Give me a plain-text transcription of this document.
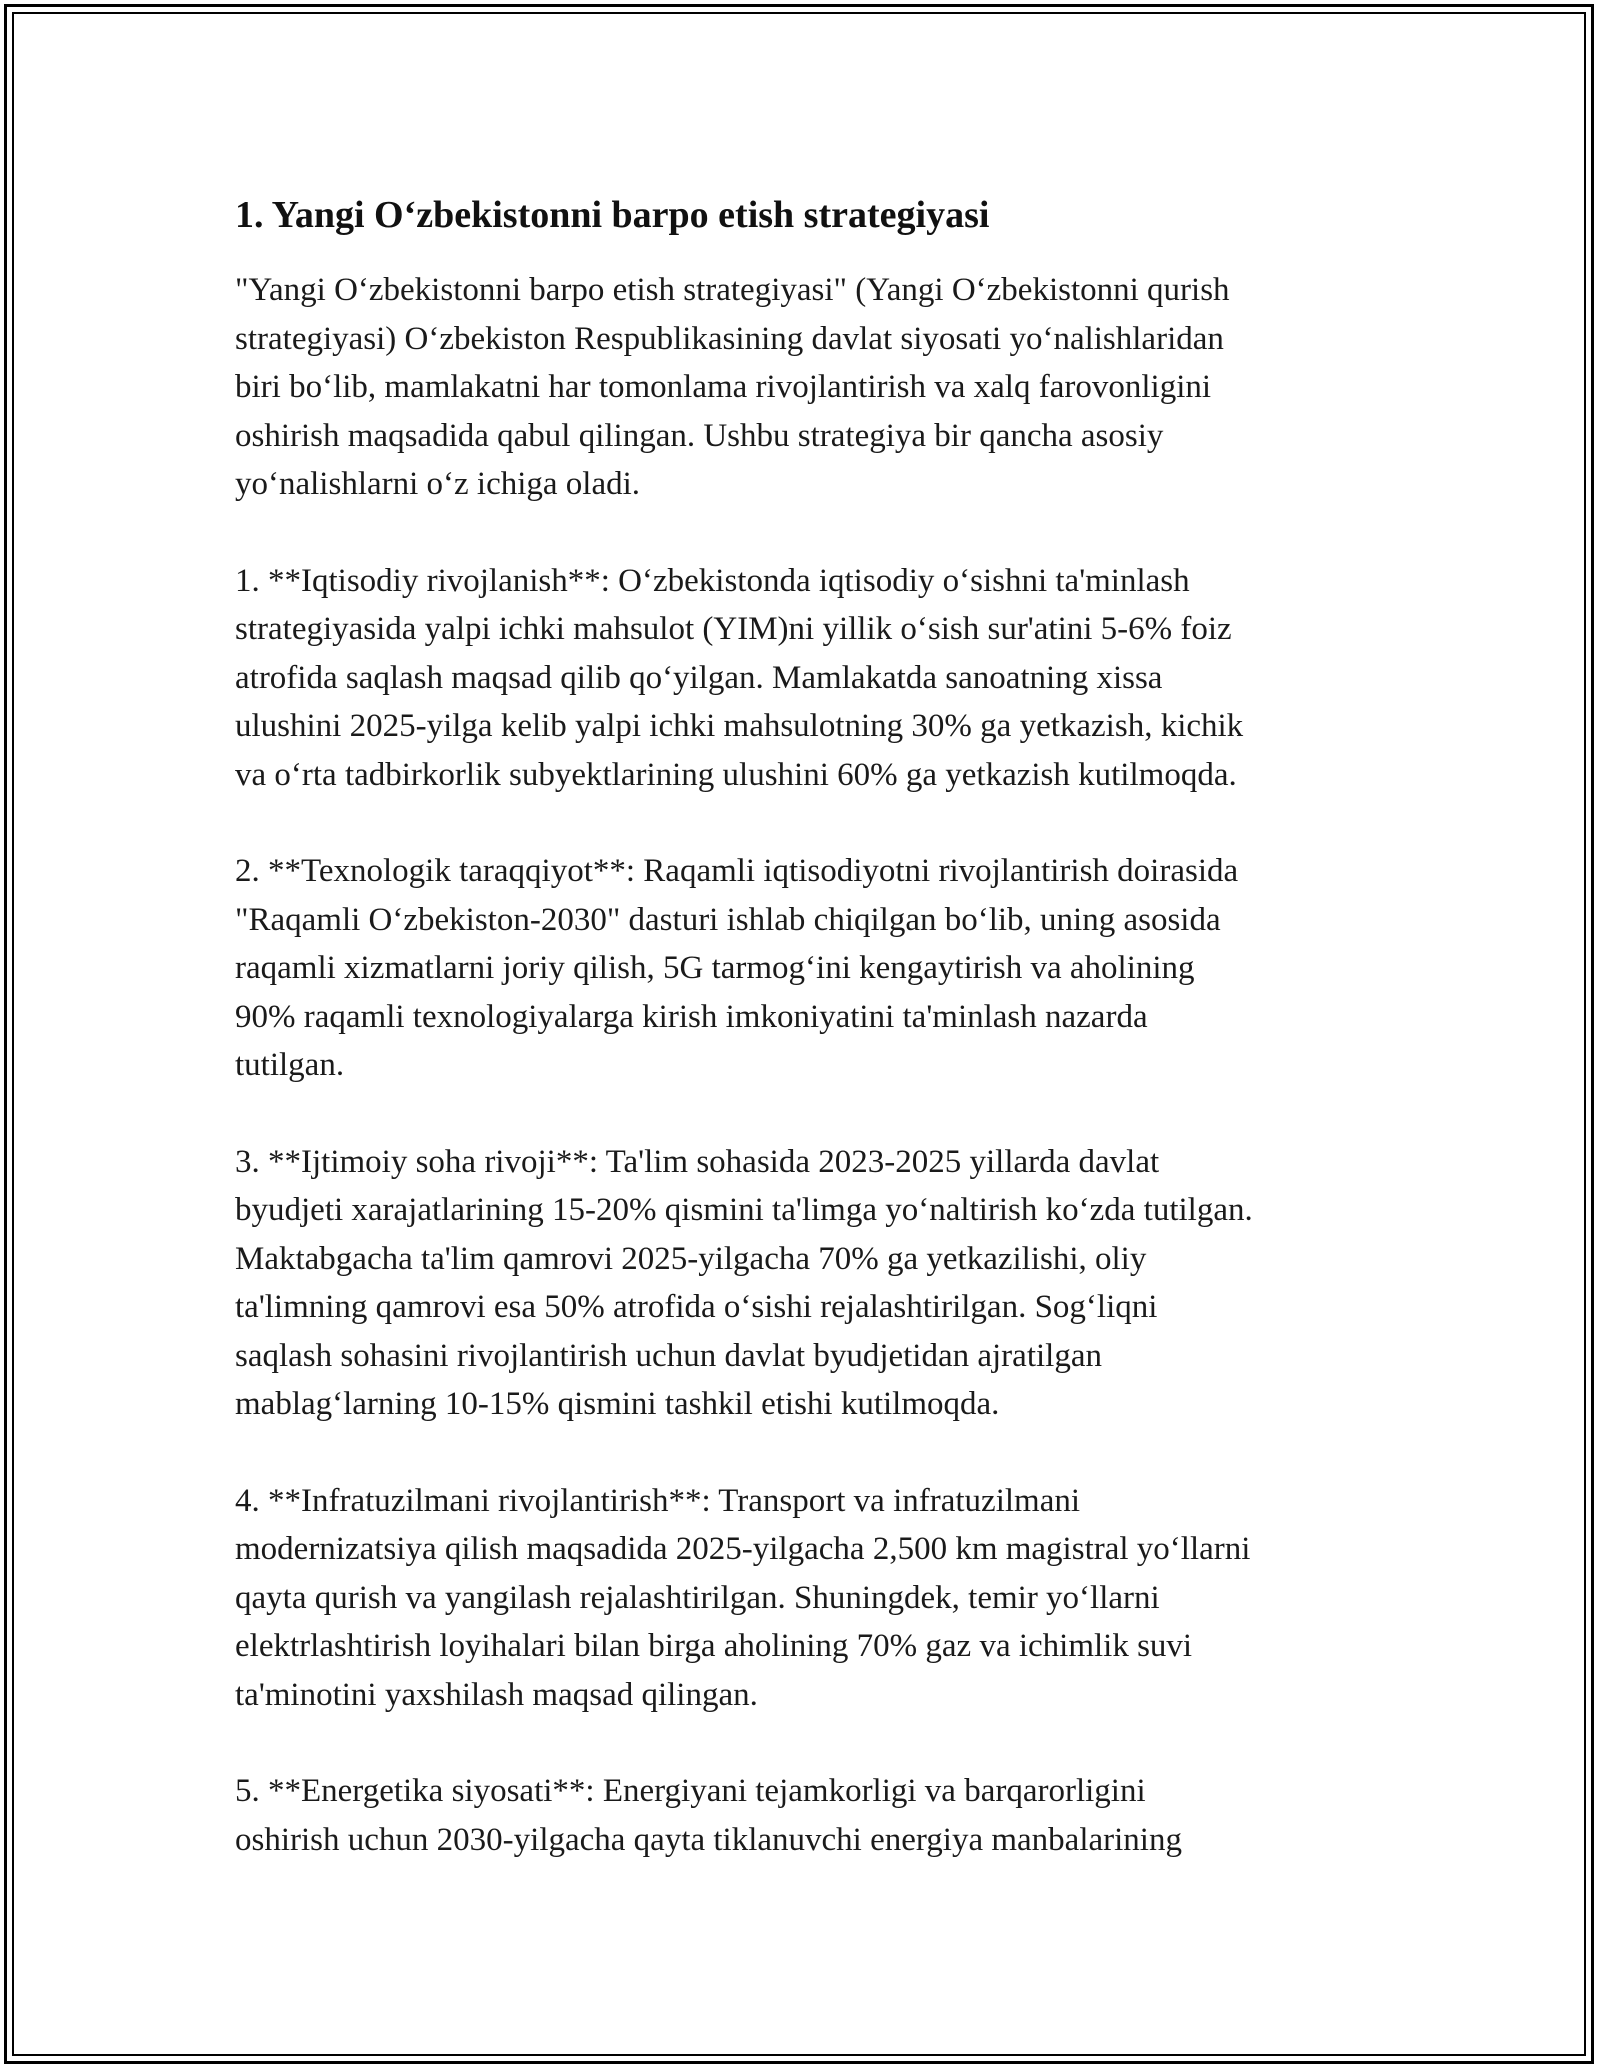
1. Yangi O‘zbekistonni barpo etish strategiyasi

"Yangi O‘zbekistonni barpo etish strategiyasi" (Yangi O‘zbekistonni qurish
strategiyasi) O‘zbekiston Respublikasining davlat siyosati yo‘nalishlaridan
biri bo‘lib, mamlakatni har tomonlama rivojlantirish va xalq farovonligini
oshirish maqsadida qabul qilingan. Ushbu strategiya bir qancha asosiy
yo‘nalishlarni o‘z ichiga oladi.

1. **Iqtisodiy rivojlanish**: O‘zbekistonda iqtisodiy o‘sishni ta'minlash
strategiyasida yalpi ichki mahsulot (YIM)ni yillik o‘sish sur'atini 5-6% foiz
atrofida saqlash maqsad qilib qo‘yilgan. Mamlakatda sanoatning xissa
ulushini 2025-yilga kelib yalpi ichki mahsulotning 30% ga yetkazish, kichik
va o‘rta tadbirkorlik subyektlarining ulushini 60% ga yetkazish kutilmoqda.

2. **Texnologik taraqqiyot**: Raqamli iqtisodiyotni rivojlantirish doirasida
"Raqamli O‘zbekiston-2030" dasturi ishlab chiqilgan bo‘lib, uning asosida
raqamli xizmatlarni joriy qilish, 5G tarmog‘ini kengaytirish va aholining
90% raqamli texnologiyalarga kirish imkoniyatini ta'minlash nazarda
tutilgan.

3. **Ijtimoiy soha rivoji**: Ta'lim sohasida 2023-2025 yillarda davlat
byudjeti xarajatlarining 15-20% qismini ta'limga yo‘naltirish ko‘zda tutilgan.
Maktabgacha ta'lim qamrovi 2025-yilgacha 70% ga yetkazilishi, oliy
ta'limning qamrovi esa 50% atrofida o‘sishi rejalashtirilgan. Sog‘liqni
saqlash sohasini rivojlantirish uchun davlat byudjetidan ajratilgan
mablag‘larning 10-15% qismini tashkil etishi kutilmoqda.

4. **Infratuzilmani rivojlantirish**: Transport va infratuzilmani
modernizatsiya qilish maqsadida 2025-yilgacha 2,500 km magistral yo‘llarni
qayta qurish va yangilash rejalashtirilgan. Shuningdek, temir yo‘llarni
elektrlashtirish loyihalari bilan birga aholining 70% gaz va ichimlik suvi
ta'minotini yaxshilash maqsad qilingan.

5. **Energetika siyosati**: Energiyani tejamkorligi va barqarorligini
oshirish uchun 2030-yilgacha qayta tiklanuvchi energiya manbalarining
